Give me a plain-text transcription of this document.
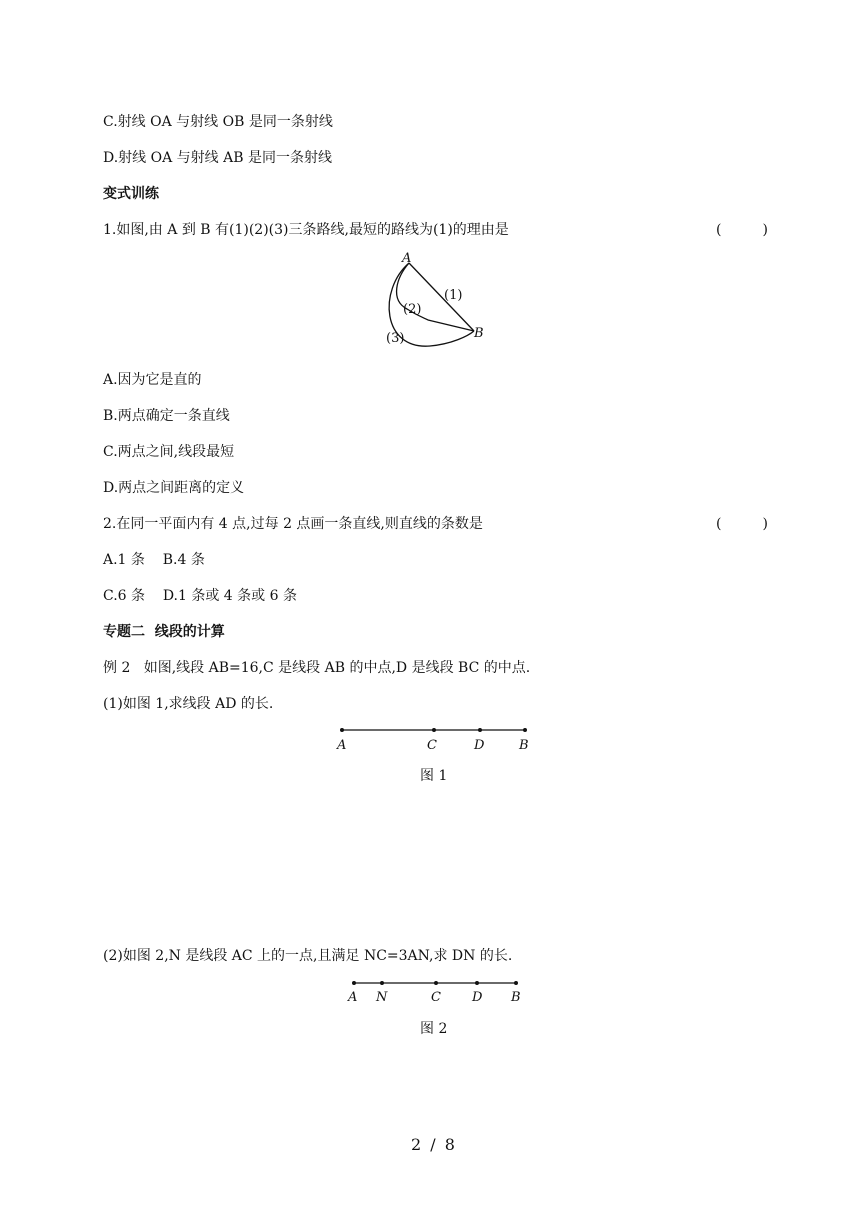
C.射线 OA 与射线 OB 是同一条射线
D.射线 OA 与射线 AB 是同一条射线
变式训练
1.如图,由 A 到 B 有(1)(2)(3)三条路线,最短的路线为(1)的理由是	(	)
A
B
(1)
(2)
(3)
A	C	D	B
A N	C D B
A.因为它是直的
B.两点确定一条直线
C.两点之间,线段最短
D.两点之间距离的定义
2.在同一平面内有 4 点,过每 2 点画一条直线,则直线的条数是	(	)
A.1 条    B.4 条
C.6 条    D.1 条或 4 条或 6 条
专题二  线段的计算
例 2   如图,线段 AB=16,C 是线段 AB 的中点,D 是线段 BC 的中点.
(1)如图 1,求线段 AD 的长.
图 1
(2)如图 2,N 是线段 AC 上的一点,且满足 NC=3AN,求 DN 的长.
图 2
2 / 8
